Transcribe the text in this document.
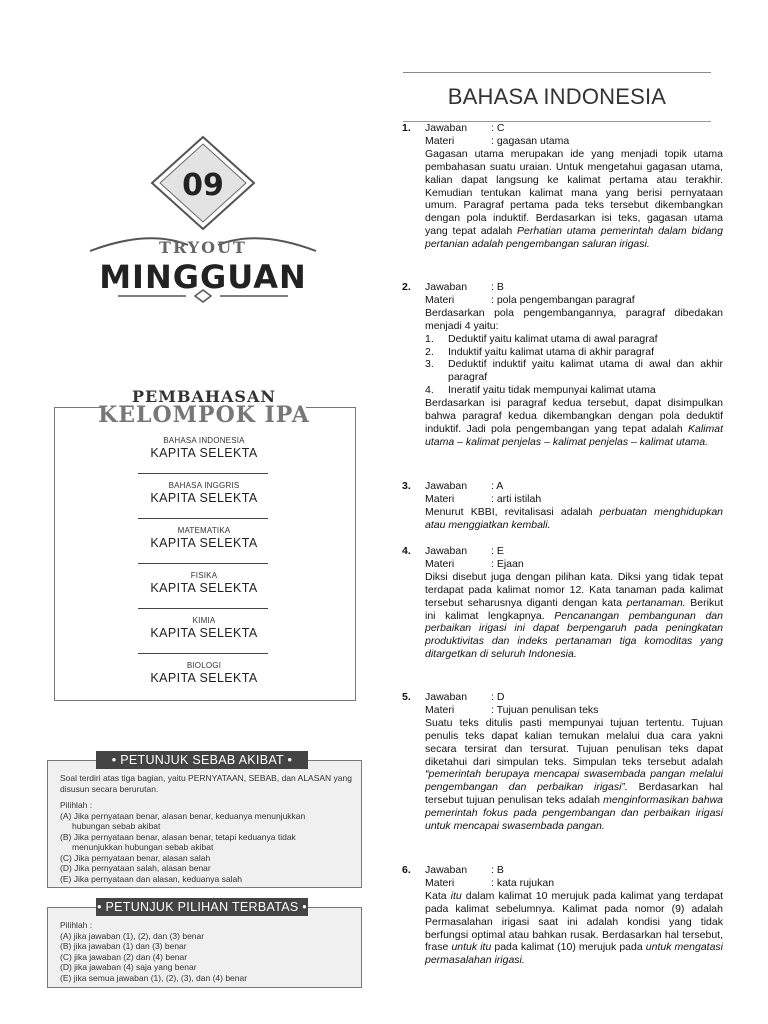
09
TRYOUT
MINGGUAN
PEMBAHASAN
KELOMPOK IPA
BAHASA INDONESIA
KAPITA SELEKTA
BAHASA INGGRIS
KAPITA SELEKTA
MATEMATIKA
KAPITA SELEKTA
FISIKA
KAPITA SELEKTA
KIMIA
KAPITA SELEKTA
BIOLOGI
KAPITA SELEKTA
• PETUNJUK SEBAB AKIBAT •

Soal terdiri atas tiga bagian, yaitu PERNYATAAN, SEBAB, dan ALASAN yang disusun secara berurutan.

Pilihlah :

(A) Jika pernyataan benar, alasan benar, keduanya menunjukkan

hubungan sebab akibat

(B) Jika pernyataan benar, alasan benar, tetapi keduanya tidak

menunjukkan hubungan sebab akibat

(C) Jika pernyataan benar, alasan salah

(D) Jika pernyataan salah, alasan benar

(E) Jika pernyataan dan alasan, keduanya salah

• PETUNJUK PILIHAN TERBATAS •

Pilihlah :

(A) jika jawaban (1), (2), dan (3) benar

(B) jika jawaban (1) dan (3) benar

(C) jika jawaban (2) dan (4) benar

(D) jika jawaban (4) saja yang benar

(E) jika semua jawaban (1), (2), (3), dan (4) benar

BAHASA INDONESIA
1. Jawaban	: C
Materi	: gagasan utama

Gagasan utama merupakan ide yang menjadi topik utama pembahasan suatu uraian. Untuk mengetahui gagasan utama, kalian dapat langsung ke kalimat pertama atau terakhir. Kemudian tentukan kalimat mana yang berisi pernyataan umum. Paragraf pertama pada teks tersebut dikembangkan dengan pola induktif. Berdasarkan isi teks, gagasan utama yang tepat adalah Perhatian utama pemerintah dalam bidang pertanian adalah pengembangan saluran irigasi.

2. Jawaban	: B
Materi	: pola pengembangan paragraf

Berdasarkan pola pengembangannya, paragraf dibedakan menjadi 4 yaitu:

1.	Deduktif yaitu kalimat utama di awal paragraf
2.	Induktif yaitu kalimat utama di akhir paragraf
3.	Deduktif induktif yaitu kalimat utama di awal dan akhir paragraf
4.	Ineratif yaitu tidak mempunyai kalimat utama

Berdasarkan isi paragraf kedua tersebut, dapat disimpulkan bahwa paragraf kedua dikembangkan dengan pola deduktif induktif. Jadi pola pengembangan yang tepat adalah Kalimat utama – kalimat penjelas – kalimat penjelas – kalimat utama.

3. Jawaban	: A
Materi	: arti istilah

Menurut KBBI, revitalisasi adalah perbuatan menghidupkan atau menggiatkan kembali.

4. Jawaban	: E
Materi	: Ejaan

Diksi disebut juga dengan pilihan kata. Diksi yang tidak tepat terdapat pada kalimat nomor 12. Kata tanaman pada kalimat tersebut seharusnya diganti dengan kata pertanaman. Berikut ini kalimat lengkapnya. Pencanangan pembangunan dan perbaikan irigasi ini dapat berpengaruh pada peningkatan produktivitas dan indeks pertanaman tiga komoditas yang ditargetkan di seluruh Indonesia.

5. Jawaban	: D
Materi	: Tujuan penulisan teks

Suatu teks ditulis pasti mempunyai tujuan tertentu. Tujuan penulis teks dapat kalian temukan melalui dua cara yakni secara tersirat dan tersurat. Tujuan penulisan teks dapat diketahui dari simpulan teks. Simpulan teks tersebut adalah “pemerintah berupaya mencapai swasembada pangan melalui pengembangan dan perbaikan irigasi”. Berdasarkan hal tersebut tujuan penulisan teks adalah menginformasikan bahwa pemerintah fokus pada pengembangan dan perbaikan irigasi untuk mencapai swasembada pangan.

6. Jawaban	: B
Materi	: kata rujukan

Kata itu dalam kalimat 10 merujuk pada kalimat yang terdapat pada kalimat sebelumnya. Kalimat pada nomor (9) adalah Permasalahan irigasi saat ini adalah kondisi yang tidak berfungsi optimal atau bahkan rusak. Berdasarkan hal tersebut, frase untuk itu pada kalimat (10) merujuk pada untuk mengatasi permasalahan irigasi.
